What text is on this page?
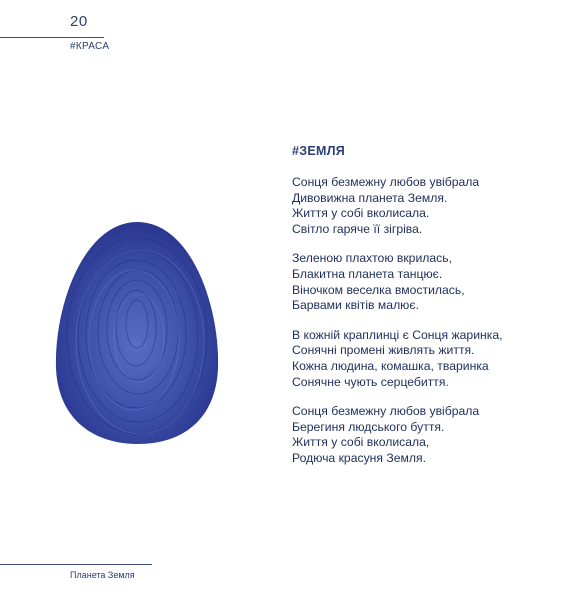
20
#КРАСА
#ЗЕМЛЯ
Сонця безмежну любов увібрала
Дивовижна планета Земля.
Життя у собі вколисала.
Світло гаряче її зігріва.
Зеленою плахтою вкрилась,
Блакитна планета танцює.
Віночком веселка вмостилась,
Барвами квітів малює.
В кожній краплинці є Сонця жаринка,
Сонячні промені живлять життя.
Кожна людина, комашка, тваринка
Сонячне чують серцебиття.
Сонця безмежну любов увібрала
Берегиня людського буття.
Життя у собі вколисала,
Родюча красуня Земля.
Планета Земля
